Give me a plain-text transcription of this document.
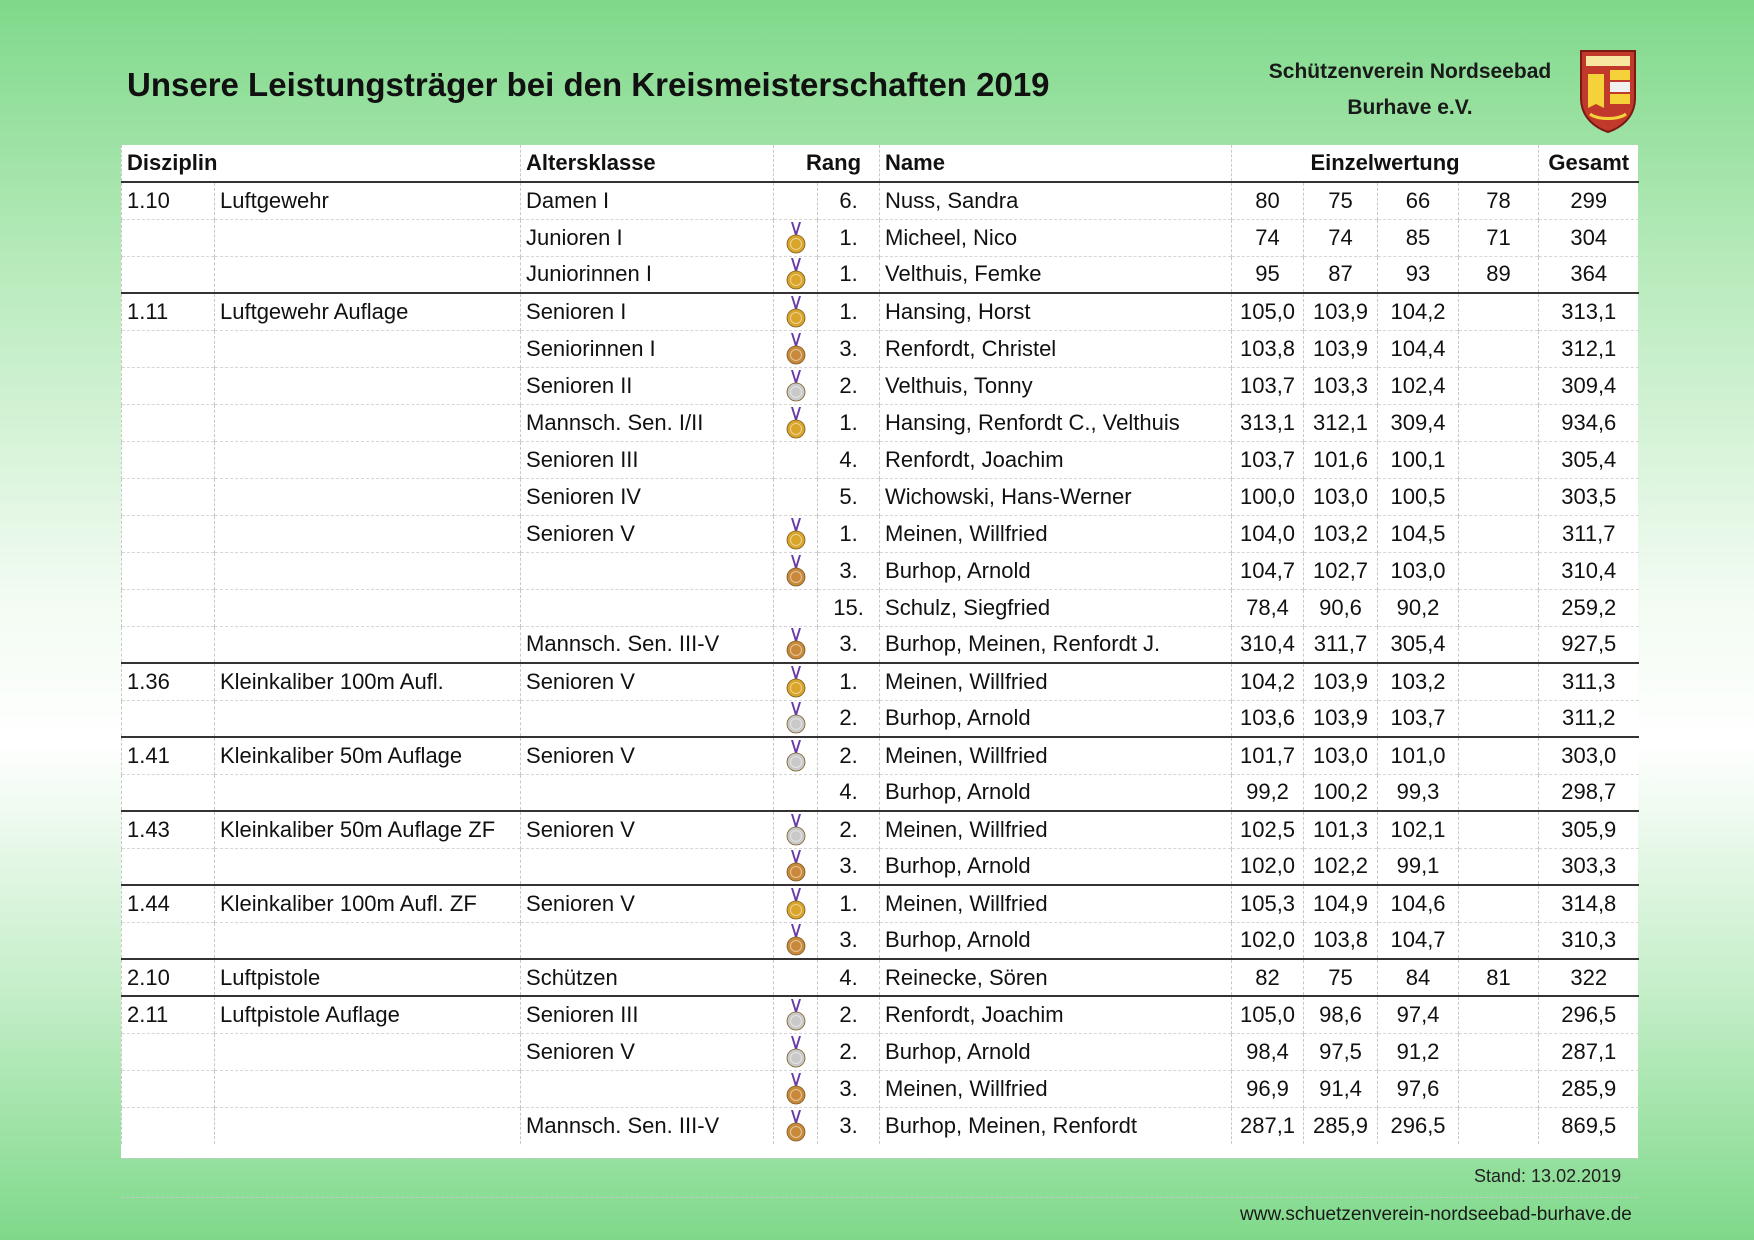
Unsere Leistungsträger bei den Kreismeisterschaften 2019	Schützenverein Nordseebad
Burhave e.V.
Disziplin		Altersklasse	Rang		Name	Einzelwertung				Gesamt
1.10	Luftgewehr	Damen I		6.	Nuss, Sandra	80	75	66	78	299
		Junioren I		1.	Micheel, Nico	74	74	85	71	304
		Juniorinnen I		1.	Velthuis, Femke	95	87	93	89	364
1.11	Luftgewehr Auflage	Senioren I		1.	Hansing, Horst	105,0	103,9	104,2		313,1
		Seniorinnen I		3.	Renfordt, Christel	103,8	103,9	104,4		312,1
		Senioren II		2.	Velthuis, Tonny	103,7	103,3	102,4		309,4
		Mannsch. Sen. I/II		1.	Hansing, Renfordt C., Velthuis	313,1	312,1	309,4		934,6
		Senioren III		4.	Renfordt, Joachim	103,7	101,6	100,1		305,4
		Senioren IV		5.	Wichowski, Hans-Werner	100,0	103,0	100,5		303,5
		Senioren V		1.	Meinen, Willfried	104,0	103,2	104,5		311,7
				3.	Burhop, Arnold	104,7	102,7	103,0		310,4
				15.	Schulz, Siegfried	78,4	90,6	90,2		259,2
		Mannsch. Sen. III-V		3.	Burhop, Meinen, Renfordt J.	310,4	311,7	305,4		927,5
1.36	Kleinkaliber 100m Aufl.	Senioren V		1.	Meinen, Willfried	104,2	103,9	103,2		311,3
				2.	Burhop, Arnold	103,6	103,9	103,7		311,2
1.41	Kleinkaliber 50m Auflage	Senioren V		2.	Meinen, Willfried	101,7	103,0	101,0		303,0
				4.	Burhop, Arnold	99,2	100,2	99,3		298,7
1.43	Kleinkaliber 50m Auflage ZF	Senioren V		2.	Meinen, Willfried	102,5	101,3	102,1		305,9
				3.	Burhop, Arnold	102,0	102,2	99,1		303,3
1.44	Kleinkaliber 100m Aufl. ZF	Senioren V		1.	Meinen, Willfried	105,3	104,9	104,6		314,8
				3.	Burhop, Arnold	102,0	103,8	104,7		310,3
2.10	Luftpistole	Schützen		4.	Reinecke, Sören	82	75	84	81	322
2.11	Luftpistole Auflage	Senioren III		2.	Renfordt, Joachim	105,0	98,6	97,4		296,5
		Senioren V		2.	Burhop, Arnold	98,4	97,5	91,2		287,1
				3.	Meinen, Willfried	96,9	91,4	97,6		285,9
		Mannsch. Sen. III-V		3.	Burhop, Meinen, Renfordt	287,1	285,9	296,5		869,5
Stand: 13.02.2019
www.schuetzenverein-nordseebad-burhave.de
